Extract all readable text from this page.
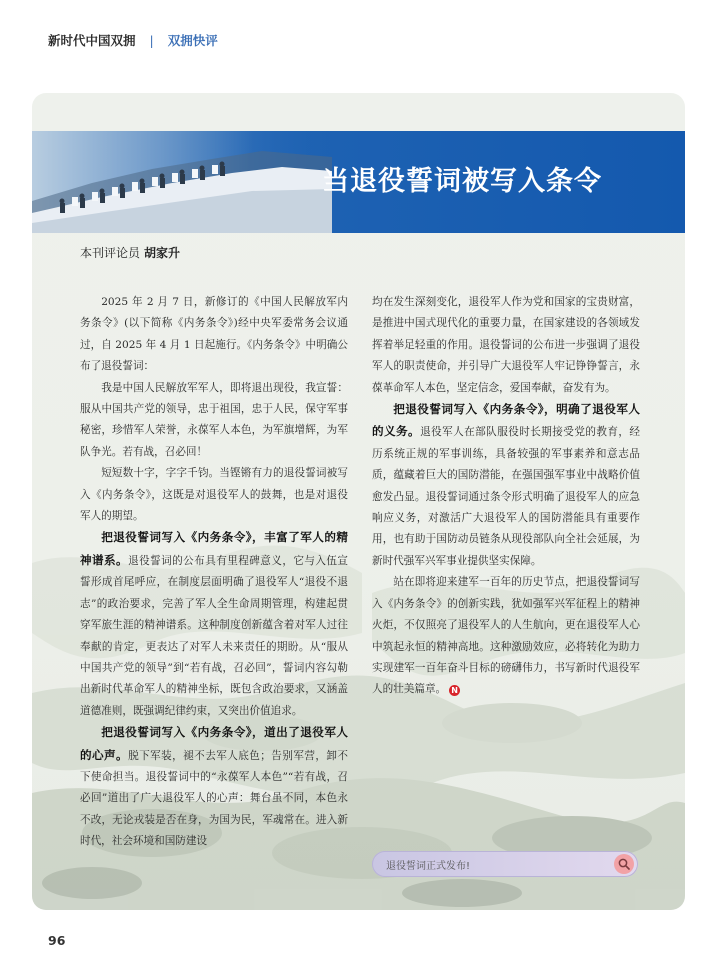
新时代中国双拥 | 双拥快评
当退役誓词被写入条令
本刊评论员 胡家升

2025 年 2 月 7 日，新修订的《中国人民解放军内务条令》(以下简称《内务条令》)经中央军委常务会议通过，自 2025 年 4 月 1 日起施行。《内务条令》中明确公布了退役誓词：

我是中国人民解放军军人，即将退出现役，我宣誓：服从中国共产党的领导，忠于祖国，忠于人民，保守军事秘密，珍惜军人荣誉，永葆军人本色，为军旗增辉，为军队争光。若有战，召必回！

短短数十字，字字千钧。当铿锵有力的退役誓词被写入《内务条令》，这既是对退役军人的鼓舞，也是对退役军人的期望。

把退役誓词写入《内务条令》，丰富了军人的精神谱系。退役誓词的公布具有里程碑意义，它与入伍宣誓形成首尾呼应，在制度层面明确了退役军人“退役不退志”的政治要求，完善了军人全生命周期管理，构建起贯穿军旅生涯的精神谱系。这种制度创新蕴含着对军人过往奉献的肯定，更表达了对军人未来责任的期盼。从“服从中国共产党的领导”到“若有战，召必回”，誓词内容勾勒出新时代革命军人的精神坐标，既包含政治要求，又涵盖道德准则，既强调纪律约束，又突出价值追求。

把退役誓词写入《内务条令》，道出了退役军人的心声。脱下军装，褪不去军人底色；告别军营，卸不下使命担当。退役誓词中的“永葆军人本色”“若有战，召必回”道出了广大退役军人的心声：舞台虽不同，本色永不改，无论戎装是否在身，为国为民，军魂常在。进入新时代，社会环境和国防建设

均在发生深刻变化，退役军人作为党和国家的宝贵财富，是推进中国式现代化的重要力量，在国家建设的各领域发挥着举足轻重的作用。退役誓词的公布进一步强调了退役军人的职责使命，并引导广大退役军人牢记铮铮誓言，永葆革命军人本色，坚定信念，爱国奉献，奋发有为。

把退役誓词写入《内务条令》，明确了退役军人的义务。退役军人在部队服役时长期接受党的教育，经历系统正规的军事训练，具备较强的军事素养和意志品质，蕴藏着巨大的国防潜能，在强国强军事业中战略价值愈发凸显。退役誓词通过条令形式明确了退役军人的应急响应义务，对激活广大退役军人的国防潜能具有重要作用，也有助于国防动员链条从现役部队向全社会延展，为新时代强军兴军事业提供坚实保障。

站在即将迎来建军一百年的历史节点，把退役誓词写入《内务条令》的创新实践，犹如强军兴军征程上的精神火炬，不仅照亮了退役军人的人生航向，更在退役军人心中筑起永恒的精神高地。这种激励效应，必将转化为助力实现建军一百年奋斗目标的磅礴伟力，书写新时代退役军人的壮美篇章。 N

退役誓词正式发布!
96
